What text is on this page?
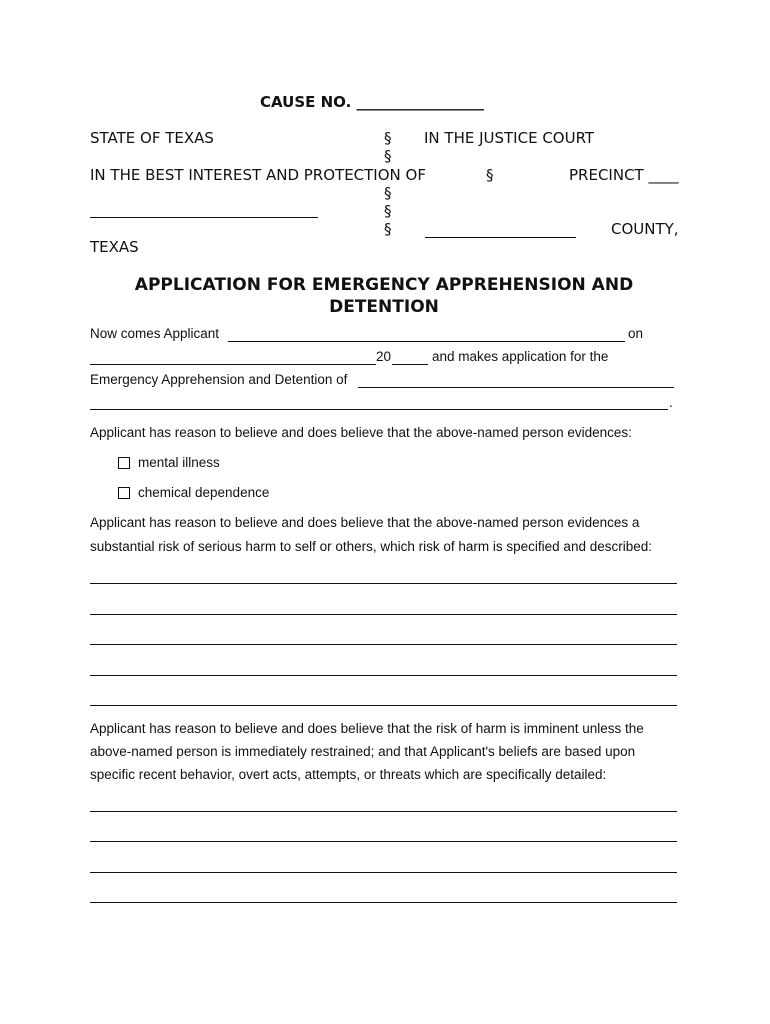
CAUSE NO. _________________
STATE OF TEXAS	§ IN THE JUSTICE COURT
§
IN THE BEST INTEREST AND PROTECTION OF	§	PRECINCT ____
§
§
§	COUNTY,
TEXAS
APPLICATION FOR EMERGENCY APPREHENSION AND DETENTION
Now comes Applicant	on
20	and makes application for the
Emergency Apprehension and Detention of
.
Applicant has reason to believe and does believe that the above-named person evidences:
mental illness
chemical dependence
Applicant has reason to believe and does believe that the above-named person evidences a
substantial risk of serious harm to self or others, which risk of harm is specified and described:
Applicant has reason to believe and does believe that the risk of harm is imminent unless the
above-named person is immediately restrained; and that Applicant's beliefs are based upon
specific recent behavior, overt acts, attempts, or threats which are specifically detailed:
